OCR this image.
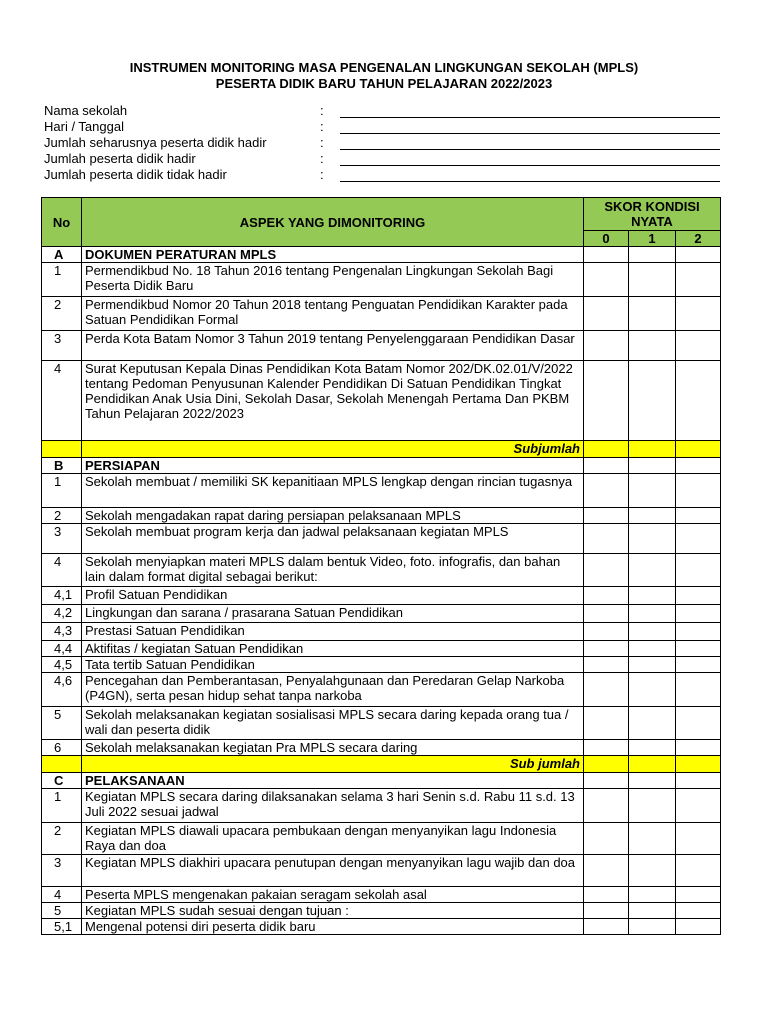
INSTRUMEN MONITORING MASA PENGENALAN LINGKUNGAN SEKOLAH (MPLS)
PESERTA DIDIK BARU TAHUN PELAJARAN 2022/2023
Nama sekolah	:
Hari / Tanggal	:
Jumlah seharusnya peserta didik hadir	:
Jumlah peserta didik hadir	:
Jumlah peserta didik tidak hadir	:
No	ASPEK YANG DIMONITORING	SKOR KONDISI NYATA		
		0	1	2
A	DOKUMEN PERATURAN MPLS			
1	Permendikbud No. 18 Tahun 2016 tentang Pengenalan Lingkungan Sekolah Bagi Peserta Didik Baru			
2	Permendikbud Nomor 20 Tahun 2018 tentang Penguatan Pendidikan Karakter pada Satuan Pendidikan Formal			
3	Perda Kota Batam Nomor 3 Tahun 2019 tentang Penyelenggaraan Pendidikan Dasar			
4	Surat Keputusan Kepala Dinas Pendidikan Kota Batam Nomor 202/DK.02.01/V/2022 tentang Pedoman Penyusunan Kalender Pendidikan Di Satuan Pendidikan Tingkat Pendidikan Anak Usia Dini, Sekolah Dasar, Sekolah Menengah Pertama Dan PKBM Tahun Pelajaran 2022/2023			
	Subjumlah			
B	PERSIAPAN			
1	Sekolah membuat / memiliki SK kepanitiaan MPLS lengkap dengan rincian tugasnya			
2	Sekolah mengadakan rapat daring persiapan pelaksanaan MPLS			
3	Sekolah membuat program kerja dan jadwal pelaksanaan kegiatan MPLS			
4	Sekolah menyiapkan materi MPLS dalam bentuk Video, foto. infografis, dan bahan lain dalam format digital sebagai berikut:			
4,1	Profil Satuan Pendidikan			
4,2	Lingkungan dan sarana / prasarana Satuan Pendidikan			
4,3	Prestasi Satuan Pendidikan			
4,4	Aktifitas / kegiatan Satuan Pendidikan			
4,5	Tata tertib Satuan Pendidikan			
4,6	Pencegahan dan Pemberantasan, Penyalahgunaan dan Peredaran Gelap Narkoba (P4GN), serta pesan hidup sehat tanpa narkoba			
5	Sekolah melaksanakan kegiatan sosialisasi MPLS secara daring kepada orang tua / wali dan peserta didik			
6	Sekolah melaksanakan kegiatan Pra MPLS secara daring			
	Sub jumlah			
C	PELAKSANAAN			
1	Kegiatan MPLS secara daring dilaksanakan selama 3 hari Senin s.d. Rabu 11 s.d. 13 Juli 2022 sesuai jadwal			
2	Kegiatan MPLS diawali upacara pembukaan dengan menyanyikan lagu Indonesia Raya dan doa			
3	Kegiatan MPLS diakhiri upacara penutupan dengan menyanyikan lagu wajib dan doa			
4	Peserta MPLS mengenakan pakaian seragam sekolah asal			
5	Kegiatan MPLS sudah sesuai dengan tujuan :			
5,1	Mengenal potensi diri peserta didik baru			
